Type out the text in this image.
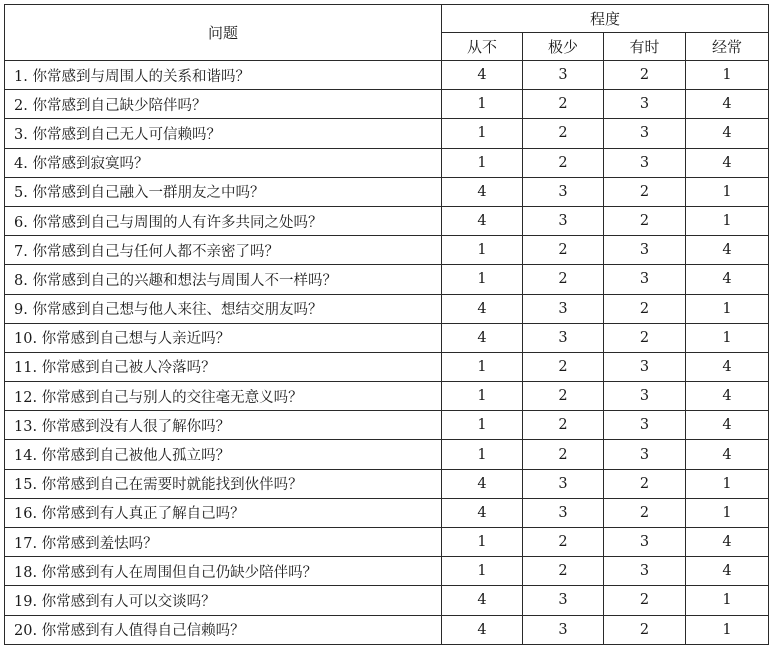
问题	程度			
	从不	极少	有时	经常
1. 你常感到与周围人的关系和谐吗？	4	3	2	1
2. 你常感到自己缺少陪伴吗？	1	2	3	4
3. 你常感到自己无人可信赖吗？	1	2	3	4
4. 你常感到寂寞吗？	1	2	3	4
5. 你常感到自己融入一群朋友之中吗？	4	3	2	1
6. 你常感到自己与周围的人有许多共同之处吗？	4	3	2	1
7. 你常感到自己与任何人都不亲密了吗？	1	2	3	4
8. 你常感到自己的兴趣和想法与周围人不一样吗？	1	2	3	4
9. 你常感到自己想与他人来往、想结交朋友吗？	4	3	2	1
10. 你常感到自己想与人亲近吗？	4	3	2	1
11. 你常感到自己被人冷落吗？	1	2	3	4
12. 你常感到自己与别人的交往毫无意义吗？	1	2	3	4
13. 你常感到没有人很了解你吗？	1	2	3	4
14. 你常感到自己被他人孤立吗？	1	2	3	4
15. 你常感到自己在需要时就能找到伙伴吗？	4	3	2	1
16. 你常感到有人真正了解自己吗？	4	3	2	1
17. 你常感到羞怯吗？	1	2	3	4
18. 你常感到有人在周围但自己仍缺少陪伴吗？	1	2	3	4
19. 你常感到有人可以交谈吗？	4	3	2	1
20. 你常感到有人值得自己信赖吗？	4	3	2	1
